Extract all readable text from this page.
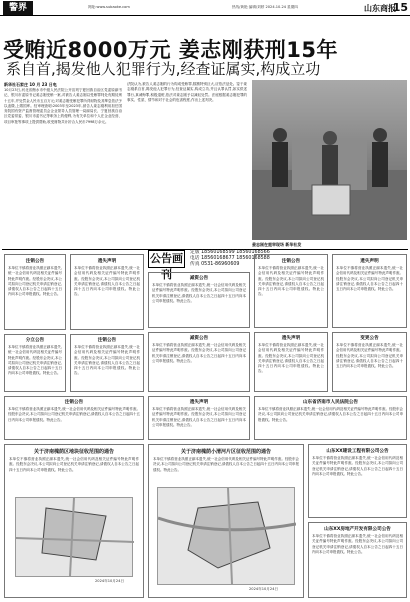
警界	网址:www.subaoke.com	热线/黄艳 编辑/刘婷 2024.10.24 星期四	山东商报
15
受贿近8000万元 姜志刚获刑15年
系自首,揭发他人犯罪行为,经查证属实,构成立功
新华社石家庄 10 月 23 日电
10月23日,河北省衡水市中级人民法院公开宣判宁夏回族自治区党委原副书记、银川市委原书记姜志刚受贿一案,对被告人姜志刚以受贿罪判处有期徒刑十五年,并处罚金人民币五百万元;对姜志刚受贿犯罪所得财物及其孳息依法予以追缴,上缴国库。经审理查明:2003年至2023年,被告人姜志刚利用担任国务院国有资产监督管理委员会企业领导人员管理一局副局长、宁夏回族自治区党委常委、银川市委书记等职务上的便利,为有关单位和个人在企业经营、项目审批等事项上提供帮助,收受财物共计折合人民币7998万余元。
法院认为,被告人姜志刚的行为构成受贿罪,数额特别巨大,应依法惩处。鉴于姜志刚系自首,揭发他人犯罪行为,经查证属实,构成立功,并且认罪认罚,如实供述罪行,真诚悔罪,积极退赃,依法对姜志刚予以减轻处罚。法庭根据姜志刚犯罪的事实、性质、情节和对于社会的危害程度,作出上述判决。
姜志刚在庭审现场 新华社发
注销公告
本单位不慎将营业执照正副本遗失,统一社会信用代码及相关证件编号特此声明作废。经股东会决议,本公司拟向公司登记机关申请注销登记,请债权人自本公告之日起四十五日内向本公司申报债权。特此公告。
遗失声明
本单位不慎将营业执照正副本遗失,统一社会信用代码及相关证件编号特此声明作废。经股东会决议,本公司拟向公司登记机关申请注销登记,请债权人自本公告之日起四十五日内向本公司申报债权。特此公告。
公告画刊
定版 18560168599 18560168566
电话 18560168677 18560168588
传真 0531-86960609
减资公告
本单位不慎将营业执照正副本遗失,统一社会信用代码及相关证件编号特此声明作废。经股东会决议,本公司拟向公司登记机关申请注销登记,请债权人自本公告之日起四十五日内向本公司申报债权。特此公告。
注销公告
本单位不慎将营业执照正副本遗失,统一社会信用代码及相关证件编号特此声明作废。经股东会决议,本公司拟向公司登记机关申请注销登记,请债权人自本公告之日起四十五日内向本公司申报债权。特此公告。
遗失声明
本单位不慎将营业执照正副本遗失,统一社会信用代码及相关证件编号特此声明作废。经股东会决议,本公司拟向公司登记机关申请注销登记,请债权人自本公告之日起四十五日内向本公司申报债权。特此公告。
分立公告
本单位不慎将营业执照正副本遗失,统一社会信用代码及相关证件编号特此声明作废。经股东会决议,本公司拟向公司登记机关申请注销登记,请债权人自本公告之日起四十五日内向本公司申报债权。特此公告。
注销公告
本单位不慎将营业执照正副本遗失,统一社会信用代码及相关证件编号特此声明作废。经股东会决议,本公司拟向公司登记机关申请注销登记,请债权人自本公告之日起四十五日内向本公司申报债权。特此公告。
减资公告
本单位不慎将营业执照正副本遗失,统一社会信用代码及相关证件编号特此声明作废。经股东会决议,本公司拟向公司登记机关申请注销登记,请债权人自本公告之日起四十五日内向本公司申报债权。特此公告。
遗失声明
本单位不慎将营业执照正副本遗失,统一社会信用代码及相关证件编号特此声明作废。经股东会决议,本公司拟向公司登记机关申请注销登记,请债权人自本公告之日起四十五日内向本公司申报债权。特此公告。
变更公告
本单位不慎将营业执照正副本遗失,统一社会信用代码及相关证件编号特此声明作废。经股东会决议,本公司拟向公司登记机关申请注销登记,请债权人自本公告之日起四十五日内向本公司申报债权。特此公告。
注销公告
本单位不慎将营业执照正副本遗失,统一社会信用代码及相关证件编号特此声明作废。经股东会决议,本公司拟向公司登记机关申请注销登记,请债权人自本公告之日起四十五日内向本公司申报债权。特此公告。
遗失声明
本单位不慎将营业执照正副本遗失,统一社会信用代码及相关证件编号特此声明作废。经股东会决议,本公司拟向公司登记机关申请注销登记,请债权人自本公告之日起四十五日内向本公司申报债权。特此公告。
山东省济南市人民法院公告
本单位不慎将营业执照正副本遗失,统一社会信用代码及相关证件编号特此声明作废。经股东会决议,本公司拟向公司登记机关申请注销登记,请债权人自本公告之日起四十五日内向本公司申报债权。特此公告。
关于济南槐荫区地块征收范围的通告
本单位不慎将营业执照正副本遗失,统一社会信用代码及相关证件编号特此声明作废。经股东会决议,本公司拟向公司登记机关申请注销登记,请债权人自本公告之日起四十五日内向本公司申报债权。特此公告。
2024年10月24日
关于济南槐荫小清河片区征收范围的通告
本单位不慎将营业执照正副本遗失,统一社会信用代码及相关证件编号特此声明作废。经股东会决议,本公司拟向公司登记机关申请注销登记,请债权人自本公告之日起四十五日内向本公司申报债权。特此公告。
2024年10月24日
山东XX建设工程有限公司公告
本单位不慎将营业执照正副本遗失,统一社会信用代码及相关证件编号特此声明作废。经股东会决议,本公司拟向公司登记机关申请注销登记,请债权人自本公告之日起四十五日内向本公司申报债权。特此公告。
山东XX房地产开发有限公司公告
本单位不慎将营业执照正副本遗失,统一社会信用代码及相关证件编号特此声明作废。经股东会决议,本公司拟向公司登记机关申请注销登记,请债权人自本公告之日起四十五日内向本公司申报债权。特此公告。
